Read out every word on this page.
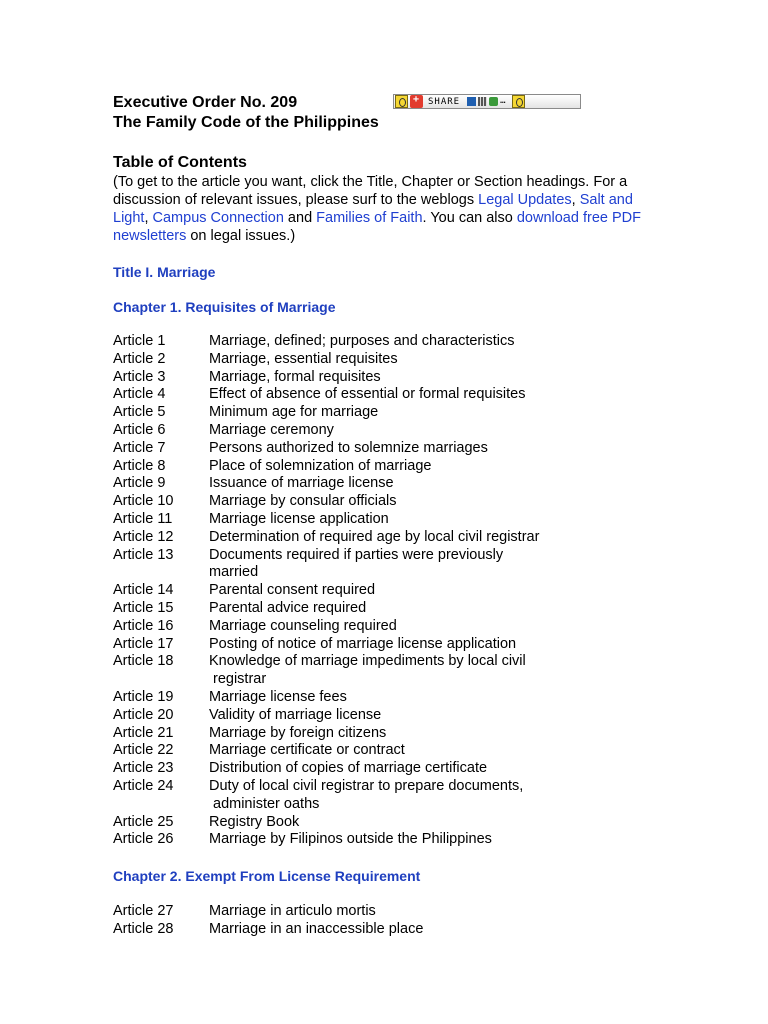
Executive Order No. 209 +	SHARE	…
The Family Code of the Philippines
Table of Contents
(To get to the article you want, click the Title, Chapter or Section headings. For a discussion of relevant issues, please surf to the weblogs Legal Updates, Salt and Light, Campus Connection and Families of Faith. You can also download free PDF newsletters on legal issues.)
Title I. Marriage
Chapter 1. Requisites of Marriage
Article 1	Marriage, defined; purposes and characteristics
Article 2	Marriage, essential requisites
Article 3	Marriage, formal requisites
Article 4	Effect of absence of essential or formal requisites
Article 5	Minimum age for marriage
Article 6	Marriage ceremony
Article 7	Persons authorized to solemnize marriages
Article 8	Place of solemnization of marriage
Article 9	Issuance of marriage license
Article 10	Marriage by consular officials
Article 11	Marriage license application
Article 12	Determination of required age by local civil registrar
Article 13	Documents required if parties were previously married
Article 14	Parental consent required
Article 15	Parental advice required
Article 16	Marriage counseling required
Article 17	Posting of notice of marriage license application
Article 18	Knowledge of marriage impediments by local civil
registrar
Article 19	Marriage license fees
Article 20	Validity of marriage license
Article 21	Marriage by foreign citizens
Article 22	Marriage certificate or contract
Article 23	Distribution of copies of marriage certificate
Article 24	Duty of local civil registrar to prepare documents,
administer oaths
Article 25	Registry Book
Article 26	Marriage by Filipinos outside the Philippines
Chapter 2. Exempt From License Requirement
Article 27	Marriage in articulo mortis
Article 28	Marriage in an inaccessible place
